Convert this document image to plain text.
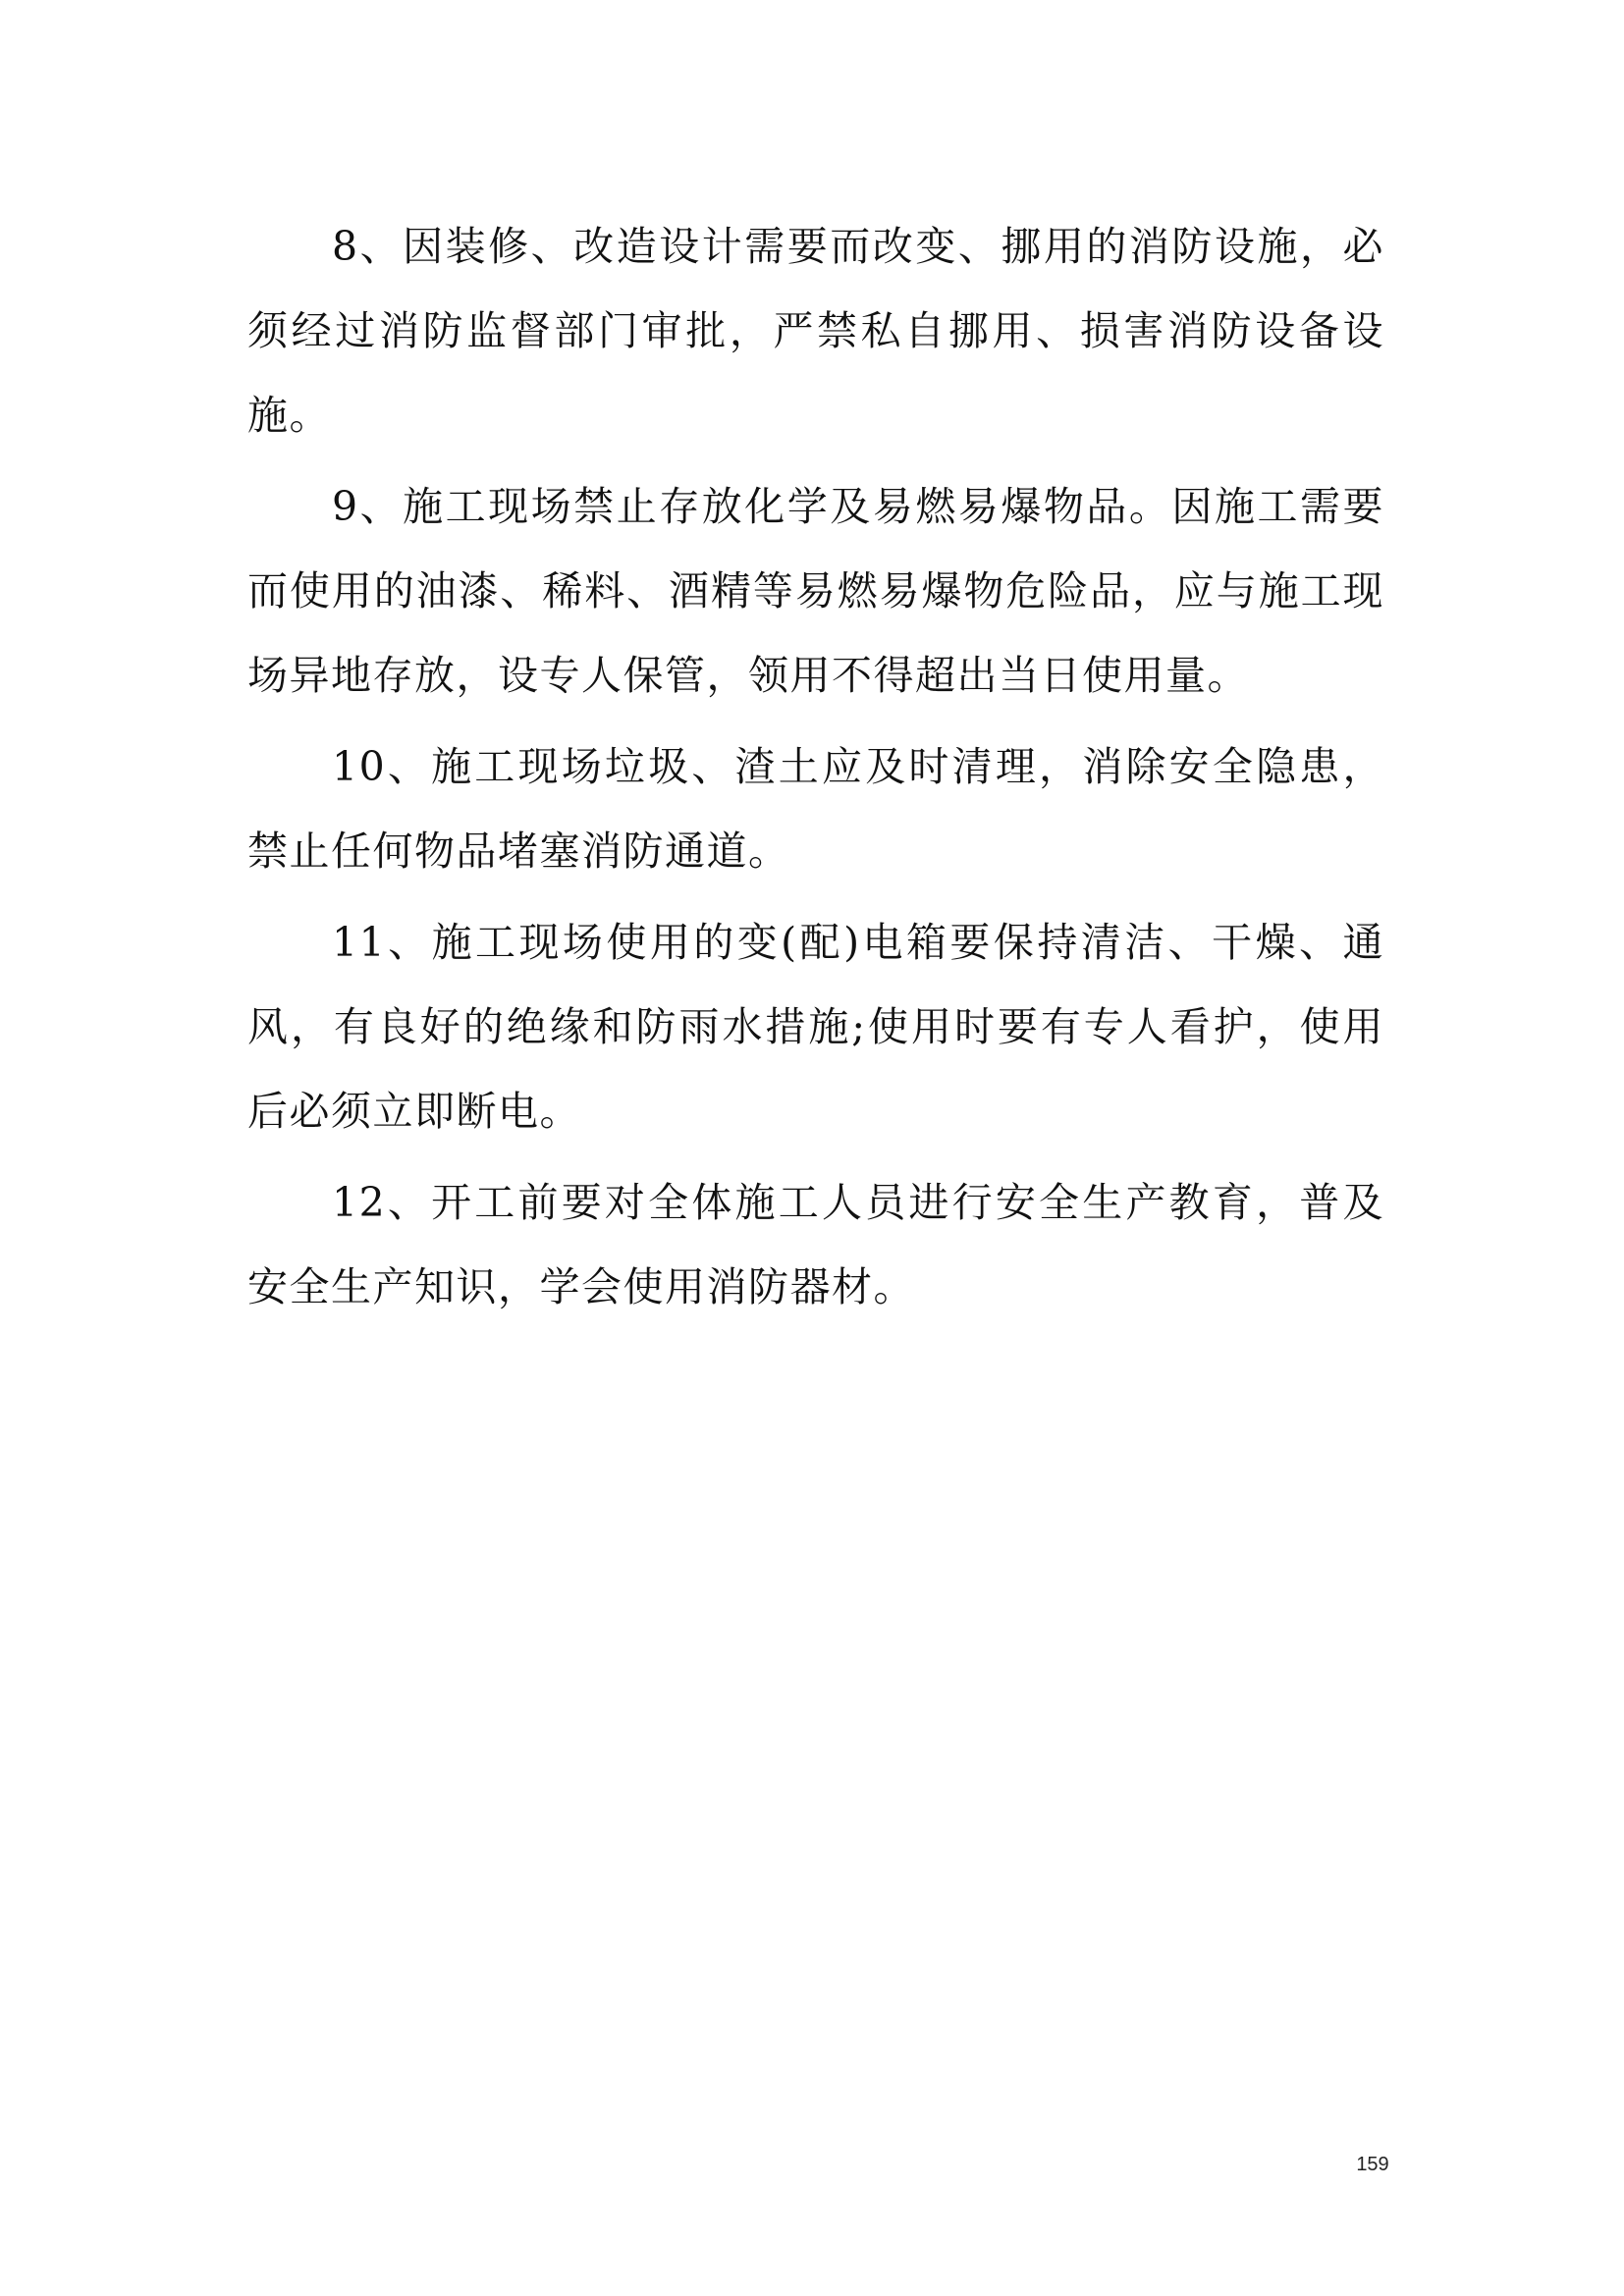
8、因装修、改造设计需要而改变、挪用的消防设施，必须经过消防监督部门审批，严禁私自挪用、损害消防设备设施。

9、施工现场禁止存放化学及易燃易爆物品。因施工需要而使用的油漆、稀料、酒精等易燃易爆物危险品，应与施工现场异地存放，设专人保管，领用不得超出当日使用量。

10、施工现场垃圾、渣土应及时清理，消除安全隐患，禁止任何物品堵塞消防通道。

11、施工现场使用的变(配)电箱要保持清洁、干燥、通风，有良好的绝缘和防雨水措施;使用时要有专人看护，使用后必须立即断电。

12、开工前要对全体施工人员进行安全生产教育，普及安全生产知识，学会使用消防器材。

159
